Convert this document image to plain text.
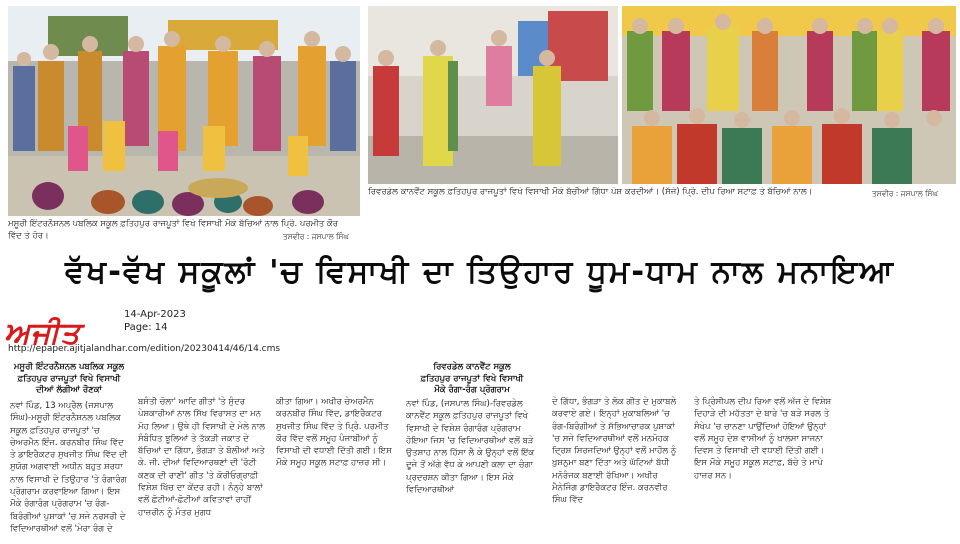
ਮਸੂਰੀ ਇੰਟਰਨੈਸ਼ਨਲ ਪਬਲਿਕ ਸਕੂਲ ਫ਼ਤਿਹਪੁਰ ਰਾਜਪੂਤਾਂ ਵਿਖੇ ਵਿਸਾਖੀ ਮੌਕੇ ਬੱਚਿਆਂ ਨਾਲ ਪ੍ਰਿੰ. ਪਰਮੀਤ ਕੌਰ
ਵਿੱਦ ਤੇ ਹੋਰ।	ਤਸਵੀਰ : ਜਸਪਾਲ ਸਿੰਘ
ਰਿਵਰਡੇਲ ਕਾਨਵੈਂਟ ਸਕੂਲ ਫ਼ਤਿਹਪੁਰ ਰਾਜਪੂਤਾਂ ਵਿਖੇ ਵਿਸਾਖੀ ਮੌਕੇ ਬੱਚੀਆਂ ਗਿੱਧਾ ਪੇਸ਼ ਕਰਦੀਆਂ। (ਸੱਜੇ) ਪ੍ਰਿੰ. ਦੀਪ ਰਿਆ ਸਟਾਫ਼ ਤੇ ਬੱਚਿਆਂ ਨਾਲ।	ਤਸਵੀਰ : ਜਸਪਾਲ ਸਿੰਘ
ਵੱਖ-ਵੱਖ ਸਕੂਲਾਂ 'ਚ ਵਿਸਾਖੀ ਦਾ ਤਿਉਹਾਰ ਧੂਮ-ਧਾਮ ਨਾਲ ਮਨਾਇਆ
ਅਜੀਤ
14-Apr-2023
Page: 14
http://epaper.ajitjalandhar.com/edition/20230414/46/14.cms
ਮਸੂਰੀ ਇੰਟਰਨੈਸ਼ਨਲ ਪਬਲਿਕ ਸਕੂਲ
ਫ਼ਤਿਹਪੁਰ ਰਾਜਪੂਤਾਂ ਵਿਖੇ ਵਿਸਾਖੀ
ਦੀਆਂ ਲੱਗੀਆਂ ਰੌਣਕਾਂ
ਰਿਵਰਡੇਲ ਕਾਨਵੈਂਟ ਸਕੂਲ
ਫ਼ਤਿਹਪੁਰ ਰਾਜਪੂਤਾਂ ਵਿਖੇ ਵਿਸਾਖੀ
ਮੌਕੇ ਰੰਗਾ-ਰੰਗ ਪ੍ਰੋਗਰਾਮ
ਨਵਾਂ ਪਿੰਡ, 13 ਅਪ੍ਰੈਲ (ਜਸਪਾਲ ਸਿੰਘ)-ਮਸੂਰੀ ਇੰਟਰਨੈਸ਼ਨਲ ਪਬਲਿਕ ਸਕੂਲ ਫ਼ਤਿਹਪੁਰ ਰਾਜਪੂਤਾਂ 'ਚ ਚੇਅਰਮੈਨ ਇੰਜ. ਕਰਨਬੀਰ ਸਿੰਘ ਵਿੱਦ ਤੇ ਡਾਇਰੈਕਟਰ ਸੁਖਜੀਤ ਸਿੰਘ ਵਿੱਦ ਦੀ ਸੁਯੋਗ ਅਗਵਾਈ ਅਧੀਨ ਬਹੁਤ ਸ਼ਰਧਾ ਨਾਲ ਵਿਸਾਖੀ ਦੇ ਤਿਉਹਾਰ 'ਤੇ ਰੰਗਾਰੰਗ ਪ੍ਰੋਗਰਾਮ ਕਰਵਾਇਆ ਗਿਆ। ਇਸ ਮੌਕੇ ਰੰਗਾਰੰਗ ਪ੍ਰੋਗਰਾਮ 'ਚ ਰੰਗ-ਬਿਰੰਗੀਆਂ ਪੁਸ਼ਾਕਾਂ 'ਚ ਸਜੇ ਨਰਸਰੀ ਦੇ ਵਿਦਿਆਰਥੀਆਂ ਵਲੋਂ 'ਮੇਰਾ ਰੰਗ ਦੇ
ਬਸੰਤੀ ਚੋਲਾ' ਆਦਿ ਗੀਤਾਂ 'ਤੇ ਸੁੰਦਰ ਪੇਸ਼ਕਾਰੀਆਂ ਨਾਲ ਸਿੱਖ ਵਿਰਾਸਤ ਦਾ ਮਨ ਮੋਹ ਲਿਆ। ਉਥੇ ਹੀ ਵਿਸਾਖੀ ਦੇ ਮੇਲੇ ਨਾਲ ਸੰਬੰਧਿਤ ਝੂਲਿਆਂ ਤੇ ਤੱਕੜੀ ਜਕਾਤ ਦੇ ਬੱਚਿਆਂ ਦਾ ਗਿੱਧਾ, ਭੰਗੜਾ ਤੇ ਬੋਲੀਆਂ ਅਤੇ ਕੇ. ਜੀ. ਦੀਆਂ ਵਿਦਿਆਰਥਣਾਂ ਦੀ 'ਰੋਟੀ ਕਣਕ ਦੀ ਰਾਣੀ' ਗੀਤ 'ਤੇ ਕੋਰੀਓਗ੍ਰਾਫ਼ੀ ਵਿਸ਼ੇਸ਼ ਖਿੱਚ ਦਾ ਕੇਂਦਰ ਰਹੀ। ਨੰਨ੍ਹੇ ਬਾਲਾਂ ਵਲੋਂ ਛੋਟੀਆਂ-ਛੋਟੀਆਂ ਕਵਿਤਾਵਾਂ ਰਾਹੀਂ ਹਾਜ਼ਰੀਨ ਨੂੰ ਮੰਤਰ ਮੁਗਧ
ਕੀਤਾ ਗਿਆ। ਅਖੀਰ ਚੇਅਰਮੈਨ ਕਰਨਬੀਰ ਸਿੰਘ ਵਿੱਦ, ਡਾਇਰੈਕਟਰ ਸੁਖਜੀਤ ਸਿੰਘ ਵਿੱਦ ਤੇ ਪ੍ਰਿੰ. ਪਰਮੀਤ ਕੌਰ ਵਿੱਦ ਵਲੋਂ ਸਮੂਹ ਪੰਜਾਬੀਆਂ ਨੂੰ ਵਿਸਾਖੀ ਦੀ ਵਧਾਈ ਦਿੱਤੀ ਗਈ। ਇਸ ਮੌਕੇ ਸਮੂਹ ਸਕੂਲ ਸਟਾਫ਼ ਹਾਜ਼ਰ ਸੀ।
ਨਵਾਂ ਪਿੰਡ, (ਜਸਪਾਲ ਸਿੰਘ)-ਰਿਵਰਡੇਲ ਕਾਨਵੈਂਟ ਸਕੂਲ ਫ਼ਤਿਹਪੁਰ ਰਾਜਪੂਤਾਂ ਵਿਖੇ ਵਿਸਾਖੀ ਦੇ ਵਿਸ਼ੇਸ਼ ਰੰਗਾਰੰਗ ਪ੍ਰੋਗਰਾਮ ਹੋਇਆ ਜਿਸ 'ਚ ਵਿਦਿਆਰਥੀਆਂ ਵਲੋਂ ਬੜੇ ਉਤਸ਼ਾਹ ਨਾਲ ਹਿੱਸਾ ਲੈ ਕੇ ਉਨ੍ਹਾਂ ਵਲੋਂ ਇੱਕ ਦੂਜੇ ਤੋਂ ਅੱਗੇ ਵੱਧ ਕੇ ਆਪਣੀ ਕਲਾ ਦਾ ਚੰਗਾ ਪ੍ਰਦਰਸ਼ਨ ਕੀਤਾ ਗਿਆ। ਇਸ ਮੌਕੇ ਵਿਦਿਆਰਥੀਆਂ
ਦੇ ਗਿੱਧਾ, ਭੰਗੜਾ ਤੇ ਲੋਕ ਗੀਤ ਦੇ ਮੁਕਾਬਲੇ ਕਰਵਾਏ ਗਏ। ਇਨ੍ਹਾਂ ਮੁਕਾਬਲਿਆਂ 'ਚ ਰੰਗ-ਬਿਰੰਗੀਆਂ ਤੇ ਸੱਭਿਆਚਾਰਕ ਪੁਸ਼ਾਕਾਂ 'ਚ ਸਜੇ ਵਿਦਿਆਰਥੀਆਂ ਵਲੋਂ ਮਨਮੋਹਕ ਦ੍ਰਿਸ਼ ਸਿਰਜਦਿਆਂ ਉਨ੍ਹਾਂ ਵਲੋਂ ਮਾਹੌਲ ਨੂੰ ਖ਼ੁਸ਼ਨੁਮਾ ਬਣਾ ਦਿੱਤਾ ਅਤੇ ਘੱਟਿਆਂ ਬੱਧੀ ਮਨੋਰੰਜਕ ਬਣਾਈ ਰੱਖਿਆ। ਅਖੀਰ ਮੈਨੇਜਿੰਗ ਡਾਇਰੈਕਟਰ ਇੰਜ. ਕਰਨਵੀਰ ਸਿੰਘ ਵਿੱਦ
ਤੇ ਪ੍ਰਿੰਸੀਪਲ ਦੀਪ ਰਿਆ ਵਲੋਂ ਅੱਜ ਦੇ ਵਿਸ਼ੇਸ਼ ਦਿਹਾੜੇ ਦੀ ਮਹੱਤਤਾ ਦੇ ਬਾਰੇ 'ਚ ਬੜੇ ਸਰਲ ਤੇ ਸੰਖੇਪ 'ਚ ਚਾਨਣਾ ਪਾਉਂਦਿਆਂ ਹੋਇਆਂ ਉਨ੍ਹਾਂ ਵਲੋਂ ਸਮੂਹ ਦੇਸ਼ ਵਾਸੀਆਂ ਨੂੰ ਖ਼ਾਲਸਾ ਸਾਜਨਾ ਦਿਵਸ ਤੇ ਵਿਸਾਖੀ ਦੀ ਵਧਾਈ ਦਿੱਤੀ ਗਈ। ਇਸ ਮੌਕੇ ਸਮੂਹ ਸਕੂਲ ਸਟਾਫ਼, ਬੱਚੇ ਤੇ ਮਾਪੇ ਹਾਜ਼ਰ ਸਨ।
